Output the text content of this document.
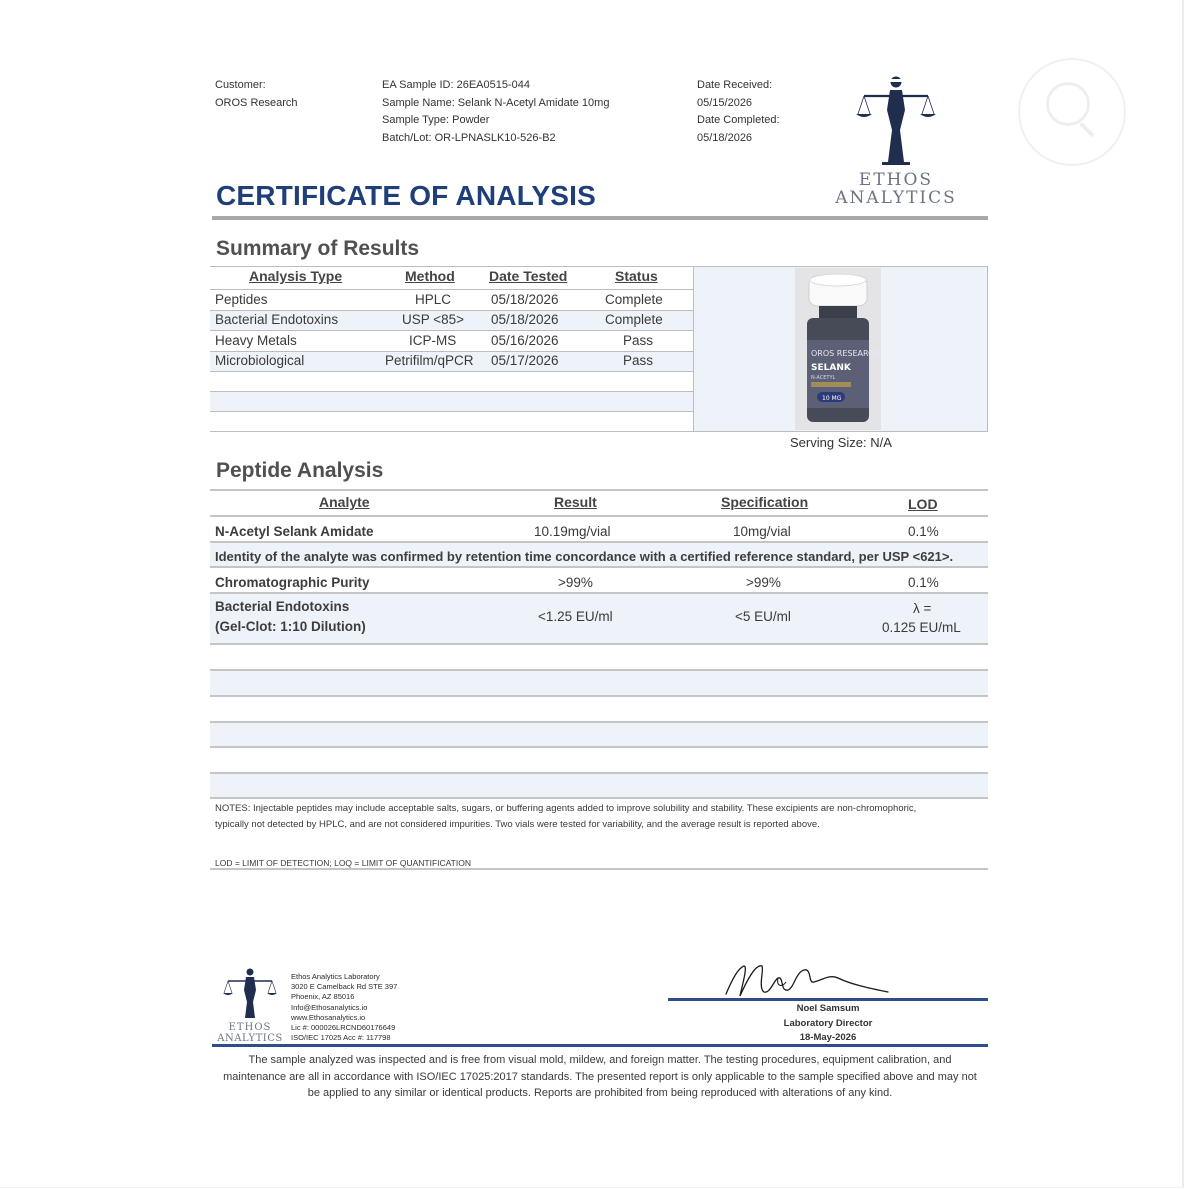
Customer:
OROS Research
EA Sample ID: 26EA0515-044
Sample Name: Selank N-Acetyl Amidate 10mg
Sample Type: Powder
Batch/Lot: OR-LPNASLK10-526-B2
Date Received:
05/15/2026
Date Completed:
05/18/2026
ETHOS
ANALYTICS
CERTIFICATE OF ANALYSIS
Summary of Results
Analysis Type	Method Date Tested	Status
Peptides	HPLC	05/18/2026	Complete
Bacterial Endotoxins	USP <85> 05/18/2026	Complete
Heavy Metals	ICP-MS	05/16/2026	Pass
Microbiological	Petrifilm/qPCR 05/17/2026	Pass	OROS RESEARCH
SELANK
N-ACETYL
10 MG
Serving Size: N/A
Peptide Analysis
Analyte	Result	Specification	LOD
N-Acetyl Selank Amidate	10.19mg/vial	10mg/vial	0.1%
Identity of the analyte was confirmed by retention time concordance with a certified reference standard, per USP <621>.
Chromatographic Purity	>99%	>99%	0.1%
Bacterial Endotoxins
(Gel-Clot: 1:10 Dilution)
<1.25 EU/ml	<5 EU/ml
λ =
0.125 EU/mL
NOTES: Injectable peptides may include acceptable salts, sugars, or buffering agents added to improve solubility and stability. These excipients are non-chromophoric,
typically not detected by HPLC, and are not considered impurities. Two vials were tested for variability, and the average result is reported above.
LOD = LIMIT OF DETECTION; LOQ = LIMIT OF QUANTIFICATION
ETHOS
ANALYTICS
Ethos Analytics Laboratory
3020 E Camelback Rd STE 397
Phoenix, AZ 85016
Info@Ethosanalytics.io
www.Ethosanalytics.io
Lic #: 000026LRCND60176649
ISO/IEC 17025 Acc #: 117798
Noel Samsum
Laboratory Director
18-May-2026
The sample analyzed was inspected and is free from visual mold, mildew, and foreign matter. The testing procedures, equipment calibration, and
maintenance are all in accordance with ISO/IEC 17025:2017 standards. The presented report is only applicable to the sample specified above and may not
be applied to any similar or identical products. Reports are prohibited from being reproduced with alterations of any kind.
